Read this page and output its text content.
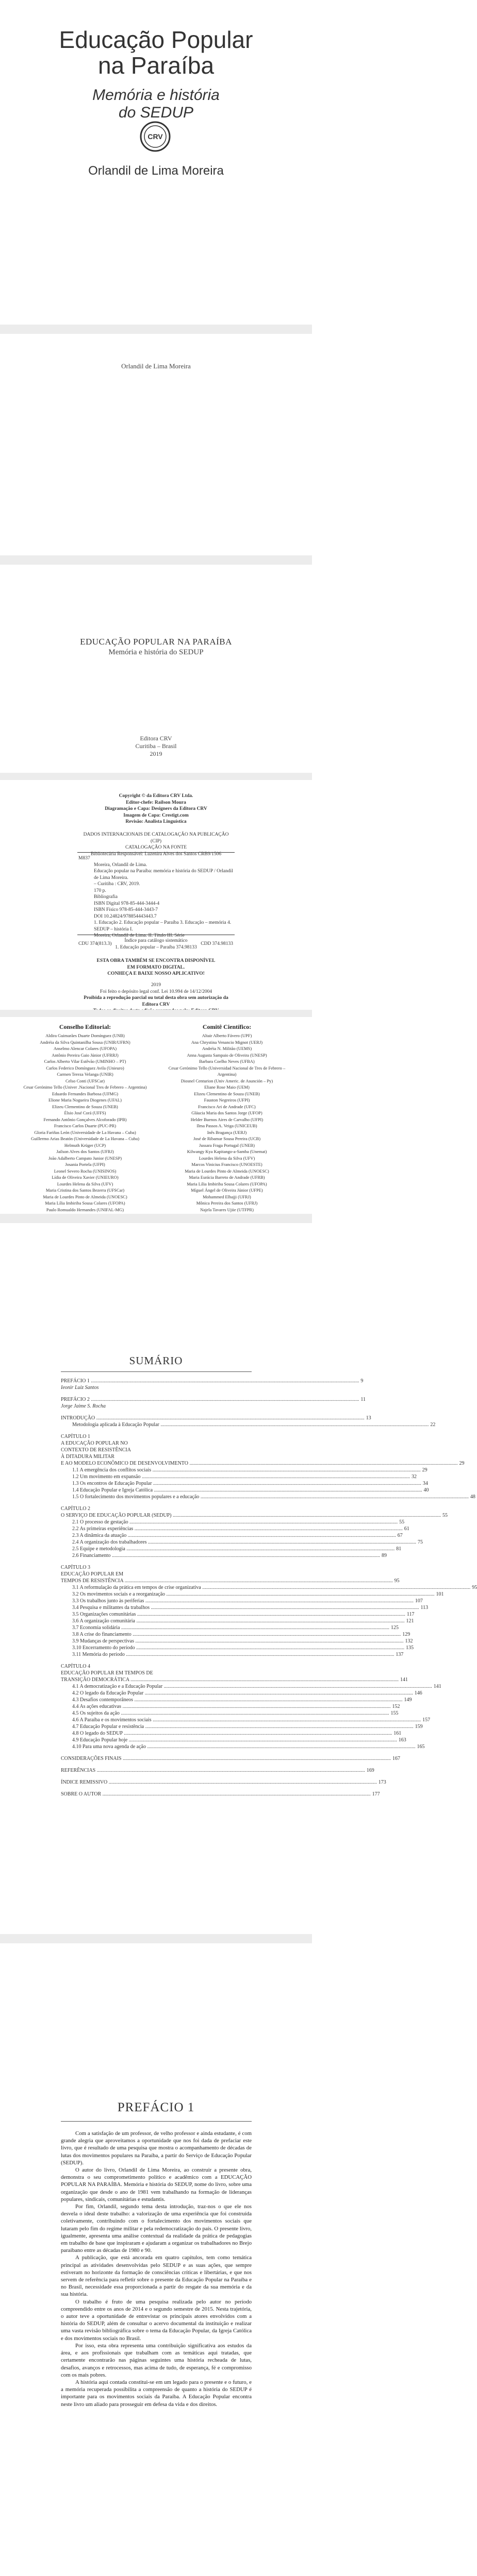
Educação Popular
na Paraíba
Memória e história
do SEDUP
CRV
Orlandil de Lima Moreira
Orlandil de Lima Moreira
EDUCAÇÃO POPULAR NA PARAÍBA
Memória e história do SEDUP
Editora CRV
Curitiba – Brasil
2019
Copyright © da Editora CRV Ltda.
Editor-chefe: Railson Moura
Diagramação e Capa: Designers da Editora CRV
Imagem de Capa: Crestigt.com
Revisão: Analista Linguística
DADOS INTERNACIONAIS DE CATALOGAÇÃO NA PUBLICAÇÃO (CIP)
CATALOGAÇÃO NA FONTE
Bibliotecária Responsável: Luzenira Alves dos Santos CRB9/1506
M837
Moreira, Orlandil de Lima.
Educação popular na Paraíba: memória e história do SEDUP / Orlandil de Lima Moreira.
– Curitiba : CRV, 2019.
170 p.
Bibliografia
ISBN Digital 978-85-444-3444-4
ISBN Físico 978-85-444-3443-7
DOI 10.24824/978854443443.7
1. Educação 2. Educação popular – Paraíba 3. Educação – memória 4. SEDUP – história I.
Moreira, Orlandil de Lima. II. Título III. Série
CDU 374(813.3)	CDD 374.98133
Índice para catálogo sistemático
1. Educação popular – Paraíba 374.98133
ESTA OBRA TAMBÉM SE ENCONTRA DISPONÍVEL
EM FORMATO DIGITAL.
CONHEÇA E BAIXE NOSSO APLICATIVO!
2019
Foi feito o depósito legal conf. Lei 10.994 de 14/12/2004
Proibida a reprodução parcial ou total desta obra sem autorização da Editora CRV
Conselho Editorial:	Comitê Científico:
Aldira Guimarães Duarte Domínguez (UNB)
Andréia da Silva Quintanilha Sousa (UNIR/UFRN)
Anselmo Alencar Colares (UFOPA)
Antônio Pereira Gaio Júnior (UFRRJ)
Carlos Alberto Vilar Estêvão (UMINHO – PT)
Carlos Federico Domínguez Avila (Unieuro)
Carmen Tereza Velanga (UNIR)
Celso Conti (UFSCar)
Cesar Gerónimo Tello (Univer .Nacional Tres de Febrero – Argentina)
Eduardo Fernandes Barbosa (UFMG)
Elione Maria Nogueira Diogenes (UFAL)
Elizeu Clementino de Souza (UNEB)
Élsio José Corá (UFFS)
Fernando Antônio Gonçalves Alcoforado (IPB)
Francisco Carlos Duarte (PUC-PR)
Gloria Fariñas León (Universidade de La Havana – Cuba)
Guillermo Arias Beatón (Universidade de La Havana – Cuba)
Helmuth Krüger (UCP)
Jailson Alves dos Santos (UFRJ)
João Adalberto Campato Junior (UNESP)
Josania Portela (UFPI)
Leonel Severo Rocha (UNISINOS)
Lídia de Oliveira Xavier (UNIEURO)
Lourdes Helena da Silva (UFV)
Maria Cristina dos Santos Bezerra (UFSCar)
Maria de Lourdes Pinto de Almeida (UNOESC)
Maria Lília Imbiriba Sousa Colares (UFOPA)
Paulo Romualdo Hernandes (UNIFAL-MG)
Altair Alberto Fávero (UPF)
Ana Chrystina Venancio Mignot (UERJ)
Andréia N. Militão (UEMS)
Anna Augusta Sampaio de Oliveira (UNESP)
Barbara Coelho Neves (UFBA)
Cesar Gerónimo Tello (Universidad Nacional de Tres de Febrero – Argentina)
Diosnel Centurion (Univ Americ. de Asunción – Py)
Eliane Rose Maio (UEM)
Elizeu Clementino de Souza (UNEB)
Fauston Negreiros (UFPI)
Francisco Ari de Andrade (UFC)
Gláucia Maria dos Santos Jorge (UFOP)
Helder Buenos Aires de Carvalho (UFPI)
Ilma Passos A. Veiga (UNICEUB)
Inês Bragança (UERJ)
José de Ribamar Sousa Pereira (UCB)
Jussara Fraga Portugal (UNEB)
Kilwangy Kya Kapitango-a-Samba (Unemat)
Lourdes Helena da Silva (UFV)
Marcos Vinicius Francisco (UNOESTE)
Maria de Lourdes Pinto de Almeida (UNOESC)
Maria Eurácia Barreto de Andrade (UFRB)
Maria Lília Imbiriba Sousa Colares (UFOPA)
Míguel Ángel de Oliveira Júnior (UFPE)
Mohammed Elhajji (UFRJ)
Mônica Pereira dos Santos (UFRJ)
Najela Tavares Ujiie (UTFPR)
SUMÁRIO
PREFÁCIO 1 .....	9
Ieonir Luiz Santos
PREFÁCIO 2 .....	11
Jorge Jaime S. Rocha
INTRODUÇÃO .....	13
Metodologia aplicada à Educação Popular .....	22
CAPÍTULO 1
A EDUCAÇÃO POPULAR NO
CONTEXTO DE RESISTÊNCIA
À DITADURA MILITAR
E AO MODELO ECONÔMICO DE DESENVOLVIMENTO .....	29
1.1 A emergência dos conflitos sociais .....	29
1.2 Um movimento em expansão .....	32
1.3 Os encontros de Educação Popular .....	34
1.4 Educação Popular e Igreja Católica .....	40
1.5 O fortalecimento dos movimentos populares e a educação .....	48
CAPÍTULO 2
O SERVIÇO DE EDUCAÇÃO POPULAR (SEDUP) .....	55
2.1 O processo de gestação .....	55
2.2 As primeiras experiências .....	61
2.3 A dinâmica da atuação .....	67
2.4 A organização dos trabalhadores .....	75
2.5 Equipe e metodologia .....	81
2.6 Financiamento .....	89
CAPÍTULO 3
EDUCAÇÃO POPULAR EM
TEMPOS DE RESISTÊNCIA .....	95
3.1 A reformulação da prática em tempos de crise organizativa .....	95
3.2 Os movimentos sociais e a reorganização .....	101
3.3 Os trabalhos junto às periferias .....	107
3.4 Pesquisa e militantes da trabalhos .....	113
3.5 Organizações comunitárias .....	117
3.6 A organização comunitária .....	121
3.7 Economia solidária .....	125
3.8 A crise do financiamento .....	129
3.9 Mudanças de perspectivas .....	132
3.10 Encerramento do período .....	135
3.11 Memória do período .....	137
CAPÍTULO 4
EDUCAÇÃO POPULAR EM TEMPOS DE
TRANSIÇÃO DEMOCRÁTICA .....	141
4.1 A democratização e a Educação Popular .....	141
4.2 O legado da Educação Popular .....	146
4.3 Desafios contemporâneos .....	149
4.4 As ações educativas .....	152
4.5 Os sujeitos da ação .....	155
4.6 A Paraíba e os movimentos sociais .....	157
4.7 Educação Popular e resistência .....	159
4.8 O legado do SEDUP .....	161
4.9 Educação Popular hoje .....	163
4.10 Para uma nova agenda de ação .....	165
CONSIDERAÇÕES FINAIS .....	167
REFERÊNCIAS .....	169
ÍNDICE REMISSIVO .....	173
SOBRE O AUTOR .....	177
PREFÁCIO 1

Com a satisfação de um professor, de velho professor e ainda estudante, é com grande alegria que aproveitamos a oportunidade que nos foi dada de prefaciar este livro, que é resultado de uma pesquisa que mostra o acompanhamento de décadas de lutas dos movimentos populares na Paraíba, a partir do Serviço de Educação Popular (SEDUP).

O autor do livro, Orlandil de Lima Moreira, ao construir a presente obra, demonstra o seu comprometimento político e acadêmico com a EDUCAÇÃO POPULAR NA PARAÍBA. Memória e história do SEDUP, nome do livro, sobre uma organização que desde o ano de 1981 vem trabalhando na formação de lideranças populares, sindicais, comunitárias e estudantis.

Por fim, Orlandil, segundo tema desta introdução, traz-nos o que ele nos desvela o ideal deste trabalho: a valorização de uma experiência que foi construída coletivamente, contribuindo com o fortalecimento dos movimentos sociais que lutaram pelo fim do regime militar e pela redemocratização do país. O presente livro, igualmente, apresenta uma análise contextual da realidade da prática de pedagogias em trabalho de base que inspiraram e ajudaram a organizar os trabalhadores no Brejo paraibano entre as décadas de 1980 e 90.

A publicação, que está ancorada em quatro capítulos, tem como temática principal as atividades desenvolvidas pelo SEDUP e as suas ações, que sempre estiveram no horizonte da formação de consciências críticas e libertárias, e que nos servem de referência para refletir sobre o presente da Educação Popular na Paraíba e no Brasil, necessidade essa proporcionada a partir do resgate da sua memória e da sua história.

O trabalho é fruto de uma pesquisa realizada pelo autor no período compreendido entre os anos de 2014 e o segundo semestre de 2015. Nesta trajetória, o autor teve a oportunidade de entrevistar os principais atores envolvidos com a história do SEDUP, além de consultar o acervo documental da instituição e realizar uma vasta revisão bibliográfica sobre o tema da Educação Popular, da Igreja Católica e dos movimentos sociais no Brasil.

Por isso, esta obra representa uma contribuição significativa aos estudos da área, e aos profissionais que trabalham com as temáticas aqui tratadas, que certamente encontrarão nas páginas seguintes uma história recheada de lutas, desafios, avanços e retrocessos, mas acima de tudo, de esperança, fé e compromisso com os mais pobres.

A história aqui contada constitui-se em um legado para o presente e o futuro, e a memória recuperada possibilita a compreensão de quanto a história do SEDUP é importante para os movimentos sociais da Paraíba. A Educação Popular encontra neste livro um aliado para prosseguir em defesa da vida e dos direitos.
